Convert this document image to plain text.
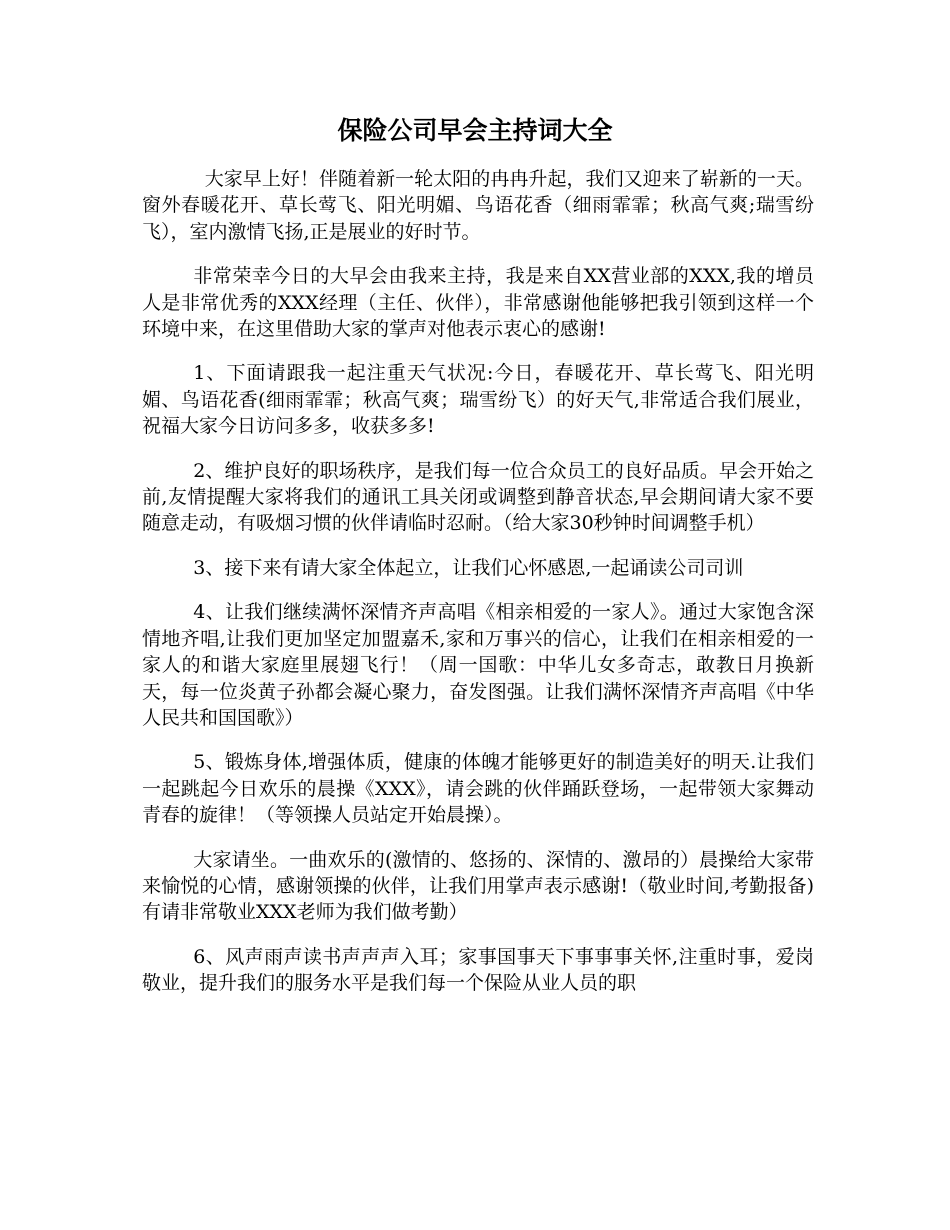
保险公司早会主持词大全

大家早上好！伴随着新一轮太阳的冉冉升起，我们又迎来了崭新的一天。窗外春暖花开、草长莺飞、阳光明媚、鸟语花香（细雨霏霏；秋高气爽;瑞雪纷飞），室内激情飞扬,正是展业的好时节。

非常荣幸今日的大早会由我来主持，我是来自XX营业部的XXX,我的增员人是非常优秀的XXX经理（主任、伙伴），非常感谢他能够把我引领到这样一个环境中来，在这里借助大家的掌声对他表示衷心的感谢!

1、下面请跟我一起注重天气状况:今日，春暖花开、草长莺飞、阳光明媚、鸟语花香(细雨霏霏；秋高气爽；瑞雪纷飞）的好天气,非常适合我们展业，祝福大家今日访问多多，收获多多!

2、维护良好的职场秩序，是我们每一位合众员工的良好品质。早会开始之前,友情提醒大家将我们的通讯工具关闭或调整到静音状态,早会期间请大家不要随意走动，有吸烟习惯的伙伴请临时忍耐。（给大家30秒钟时间调整手机）

3、接下来有请大家全体起立，让我们心怀感恩,一起诵读公司司训

4、让我们继续满怀深情齐声高唱《相亲相爱的一家人》。通过大家饱含深情地齐唱,让我们更加坚定加盟嘉禾,家和万事兴的信心，让我们在相亲相爱的一家人的和谐大家庭里展翅飞行！（周一国歌：中华儿女多奇志，敢教日月换新天，每一位炎黄子孙都会凝心聚力，奋发图强。让我们满怀深情齐声高唱《中华人民共和国国歌》）

5、锻炼身体,增强体质，健康的体魄才能够更好的制造美好的明天.让我们一起跳起今日欢乐的晨操《XXX》，请会跳的伙伴踊跃登场，一起带领大家舞动青春的旋律！（等领操人员站定开始晨操）。

大家请坐。一曲欢乐的(激情的、悠扬的、深情的、激昂的）晨操给大家带来愉悦的心情，感谢领操的伙伴，让我们用掌声表示感谢!（敬业时间,考勤报备)有请非常敬业XXX老师为我们做考勤）

6、风声雨声读书声声声入耳；家事国事天下事事事关怀,注重时事，爱岗敬业，提升我们的服务水平是我们每一个保险从业人员的职
